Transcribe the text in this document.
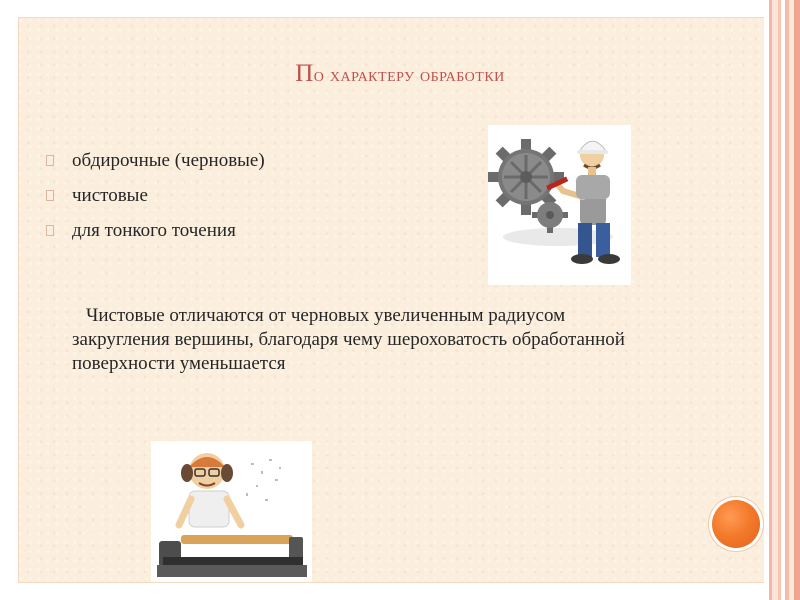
По характеру обработки
обдирочные (черновые)
чистовые
для тонкого точения
Чистовые отличаются от черновых увеличенным радиусом закругления вершины, благодаря чему шероховатость обработанной поверхности уменьшается
